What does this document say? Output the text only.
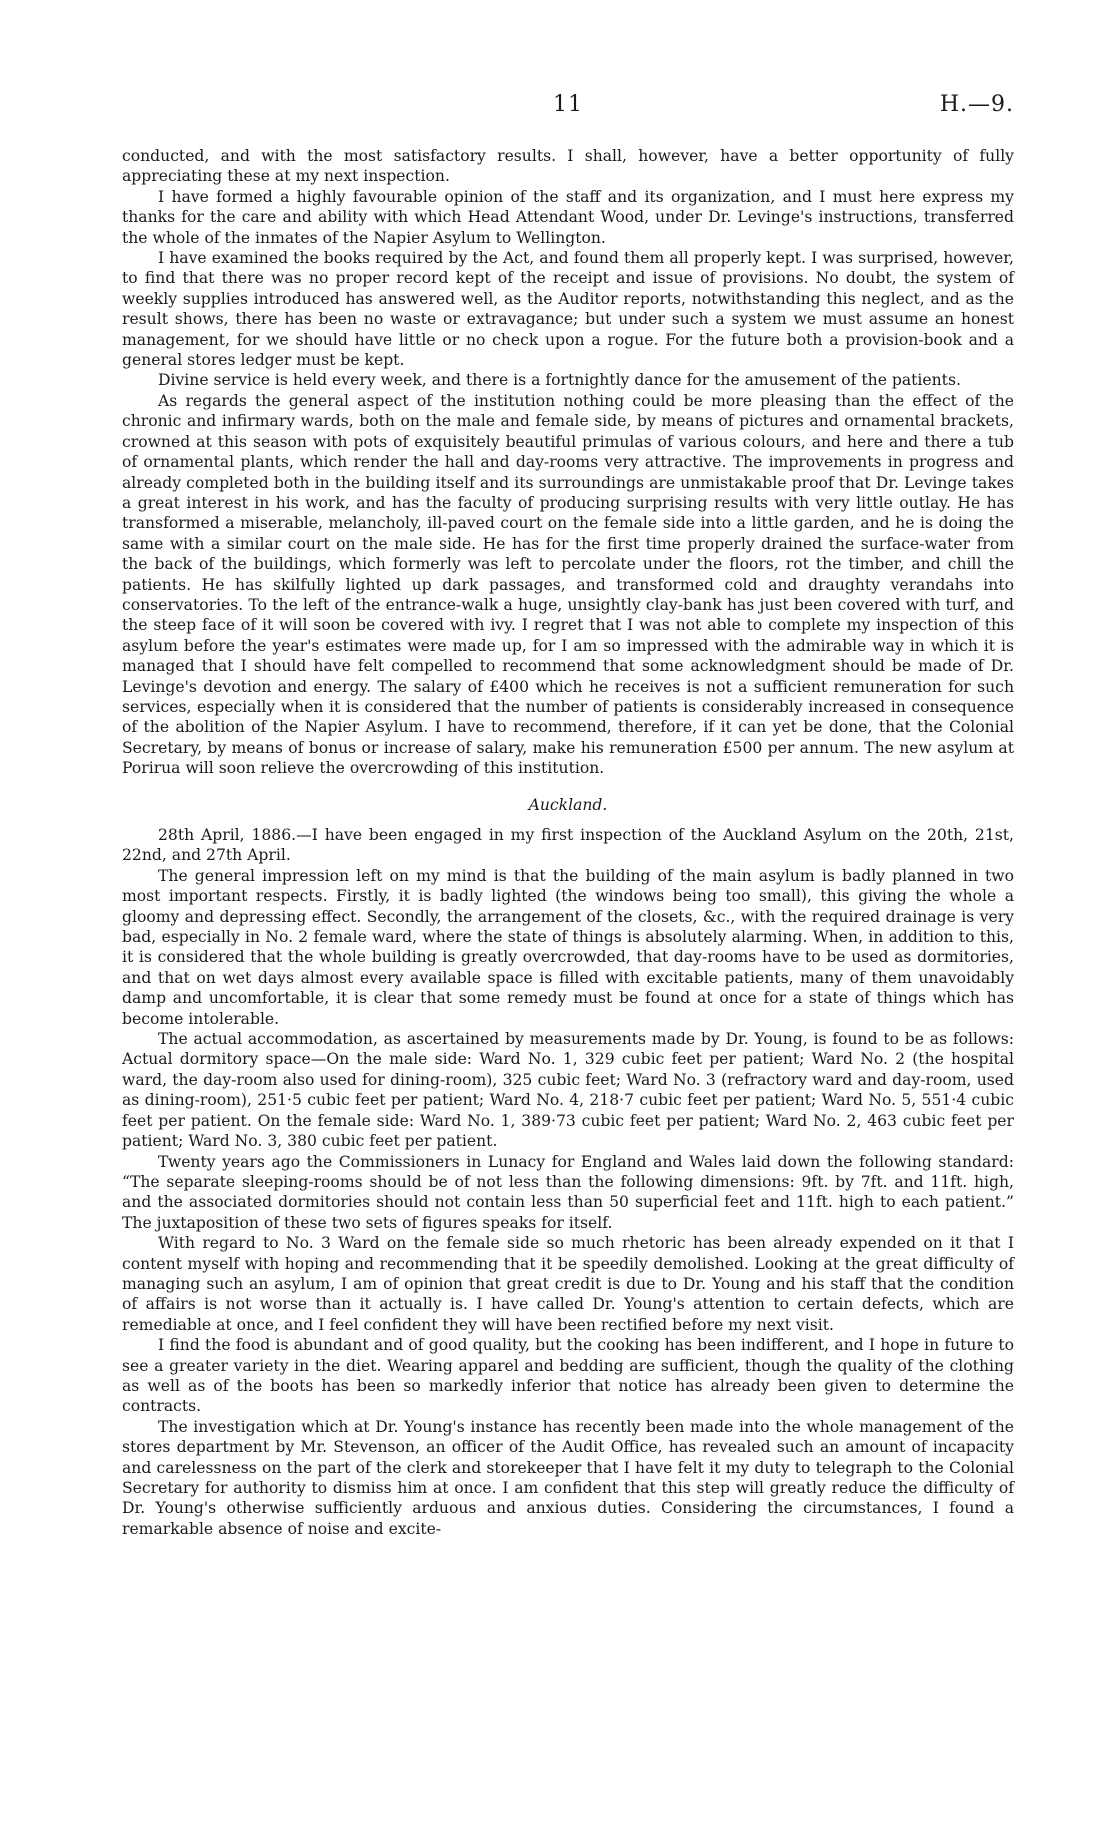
11	H.—9.

conducted, and with the most satisfactory results. I shall, however, have a better opportunity of fully appreciating these at my next inspection.

I have formed a highly favourable opinion of the staff and its organization, and I must here express my thanks for the care and ability with which Head Attendant Wood, under Dr. Levinge's instructions, transferred the whole of the inmates of the Napier Asylum to Wellington.

I have examined the books required by the Act, and found them all properly kept. I was surprised, however, to find that there was no proper record kept of the receipt and issue of provisions. No doubt, the system of weekly supplies introduced has answered well, as the Auditor reports, notwithstanding this neglect, and as the result shows, there has been no waste or extravagance; but under such a system we must assume an honest management, for we should have little or no check upon a rogue. For the future both a provision-book and a general stores ledger must be kept.

Divine service is held every week, and there is a fortnightly dance for the amusement of the patients.

As regards the general aspect of the institution nothing could be more pleasing than the effect of the chronic and infirmary wards, both on the male and female side, by means of pictures and ornamental brackets, crowned at this season with pots of exquisitely beautiful primulas of various colours, and here and there a tub of ornamental plants, which render the hall and day-rooms very attractive. The improvements in progress and already completed both in the building itself and its surroundings are unmistakable proof that Dr. Levinge takes a great interest in his work, and has the faculty of producing surprising results with very little outlay. He has transformed a miserable, melancholy, ill-paved court on the female side into a little garden, and he is doing the same with a similar court on the male side. He has for the first time properly drained the surface-water from the back of the buildings, which formerly was left to percolate under the floors, rot the timber, and chill the patients. He has skilfully lighted up dark passages, and transformed cold and draughty verandahs into conservatories. To the left of the entrance-walk a huge, unsightly clay-bank has just been covered with turf, and the steep face of it will soon be covered with ivy. I regret that I was not able to complete my inspection of this asylum before the year's estimates were made up, for I am so impressed with the admirable way in which it is managed that I should have felt compelled to recommend that some acknowledgment should be made of Dr. Levinge's devotion and energy. The salary of £400 which he receives is not a sufficient remuneration for such services, especially when it is considered that the number of patients is considerably increased in consequence of the abolition of the Napier Asylum. I have to recommend, therefore, if it can yet be done, that the Colonial Secretary, by means of bonus or increase of salary, make his remuneration £500 per annum. The new asylum at Porirua will soon relieve the overcrowding of this institution.

Auckland.

28th April, 1886.—I have been engaged in my first inspection of the Auckland Asylum on the 20th, 21st, 22nd, and 27th April.

The general impression left on my mind is that the building of the main asylum is badly planned in two most important respects. Firstly, it is badly lighted (the windows being too small), this giving the whole a gloomy and depressing effect. Secondly, the arrangement of the closets, &c., with the required drainage is very bad, especially in No. 2 female ward, where the state of things is absolutely alarming. When, in addition to this, it is considered that the whole building is greatly overcrowded, that day-rooms have to be used as dormitories, and that on wet days almost every available space is filled with excitable patients, many of them unavoidably damp and uncomfortable, it is clear that some remedy must be found at once for a state of things which has become intolerable.

The actual accommodation, as ascertained by measurements made by Dr. Young, is found to be as follows: Actual dormitory space—On the male side: Ward No. 1, 329 cubic feet per patient; Ward No. 2 (the hospital ward, the day-room also used for dining-room), 325 cubic feet; Ward No. 3 (refractory ward and day-room, used as dining-room), 251·5 cubic feet per patient; Ward No. 4, 218·7 cubic feet per patient; Ward No. 5, 551·4 cubic feet per patient. On the female side: Ward No. 1, 389·73 cubic feet per patient; Ward No. 2, 463 cubic feet per patient; Ward No. 3, 380 cubic feet per patient.

Twenty years ago the Commissioners in Lunacy for England and Wales laid down the following standard: “The separate sleeping-rooms should be of not less than the following dimensions: 9ft. by 7ft. and 11ft. high, and the associated dormitories should not contain less than 50 superficial feet and 11ft. high to each patient.” The juxtaposition of these two sets of figures speaks for itself.

With regard to No. 3 Ward on the female side so much rhetoric has been already expended on it that I content myself with hoping and recommending that it be speedily demolished. Looking at the great difficulty of managing such an asylum, I am of opinion that great credit is due to Dr. Young and his staff that the condition of affairs is not worse than it actually is. I have called Dr. Young's attention to certain defects, which are remediable at once, and I feel confident they will have been rectified before my next visit.

I find the food is abundant and of good quality, but the cooking has been indifferent, and I hope in future to see a greater variety in the diet. Wearing apparel and bedding are sufficient, though the quality of the clothing as well as of the boots has been so markedly inferior that notice has already been given to determine the contracts.

The investigation which at Dr. Young's instance has recently been made into the whole management of the stores department by Mr. Stevenson, an officer of the Audit Office, has revealed such an amount of incapacity and carelessness on the part of the clerk and storekeeper that I have felt it my duty to telegraph to the Colonial Secretary for authority to dismiss him at once. I am confident that this step will greatly reduce the difficulty of Dr. Young's otherwise sufficiently arduous and anxious duties. Considering the circumstances, I found a remarkable absence of noise and excite-
